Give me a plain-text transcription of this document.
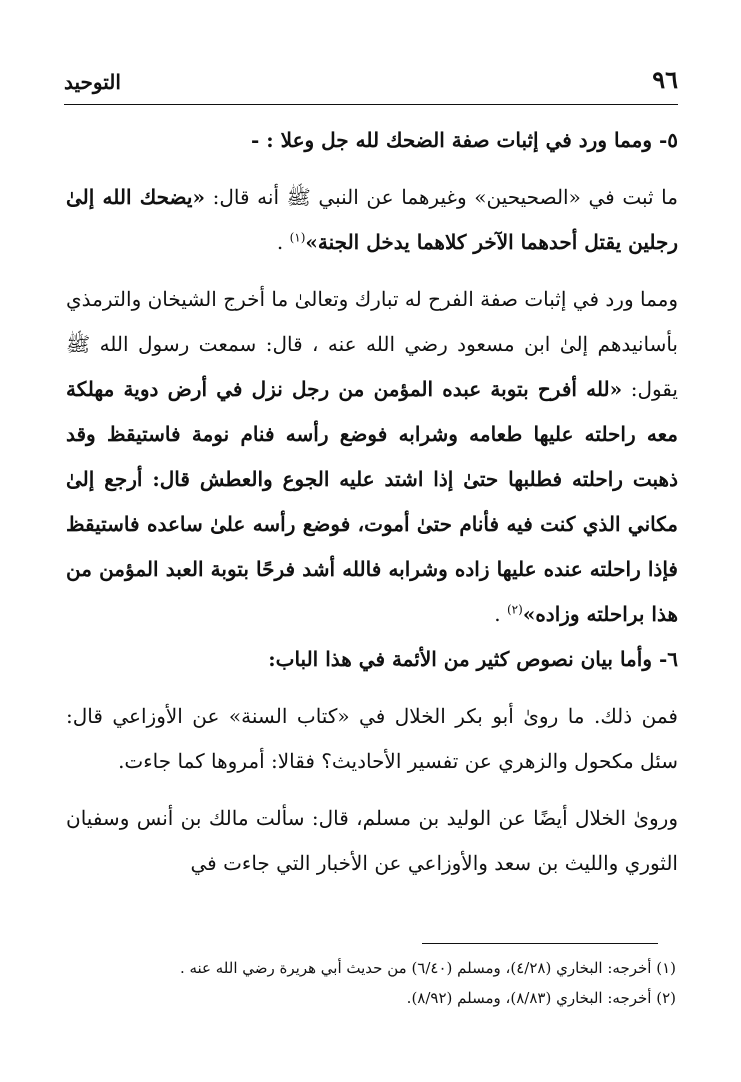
التوحيد	٩٦

٥- ومما ورد في إثبات صفة الضحك لله جل وعلا : -

ما ثبت في «الصحيحين» وغيرهما عن النبي ﷺ أنه قال: «يضحك الله إلىٰ رجلين يقتل أحدهما الآخر كلاهما يدخل الجنة»$^{(١)}$ .

ومما ورد في إثبات صفة الفرح له تبارك وتعالىٰ ما أخرج الشيخان والترمذي بأسانيدهم إلىٰ ابن مسعود رضي الله عنه ، قال: سمعت رسول الله ﷺ يقول: «لله أفرح بتوبة عبده المؤمن من رجل نزل في أرض دوية مهلكة معه راحلته عليها طعامه وشرابه فوضع رأسه فنام نومة فاستيقظ وقد ذهبت راحلته فطلبها حتىٰ إذا اشتد عليه الجوع والعطش قال: أرجع إلىٰ مكاني الذي كنت فيه فأنام حتىٰ أموت، فوضع رأسه علىٰ ساعده فاستيقظ فإذا راحلته عنده عليها زاده وشرابه فالله أشد فرحًا بتوبة العبد المؤمن من هذا براحلته وزاده»$^{(٢)}$ .

٦- وأما بيان نصوص كثير من الأئمة في هذا الباب:

فمن ذلك. ما روىٰ أبو بكر الخلال في «كتاب السنة» عن الأوزاعي قال: سئل مكحول والزهري عن تفسير الأحاديث؟ فقالا: أمروها كما جاءت.

وروىٰ الخلال أيضًا عن الوليد بن مسلم، قال: سألت مالك بن أنس وسفيان الثوري والليث بن سعد والأوزاعي عن الأخبار التي جاءت في

(١) أخرجه: البخاري (٤/٢٨)، ومسلم (٦/٤٠) من حديث أبي هريرة رضي الله عنه .

(٢) أخرجه: البخاري (٨/٨٣)، ومسلم (٨/٩٢).
